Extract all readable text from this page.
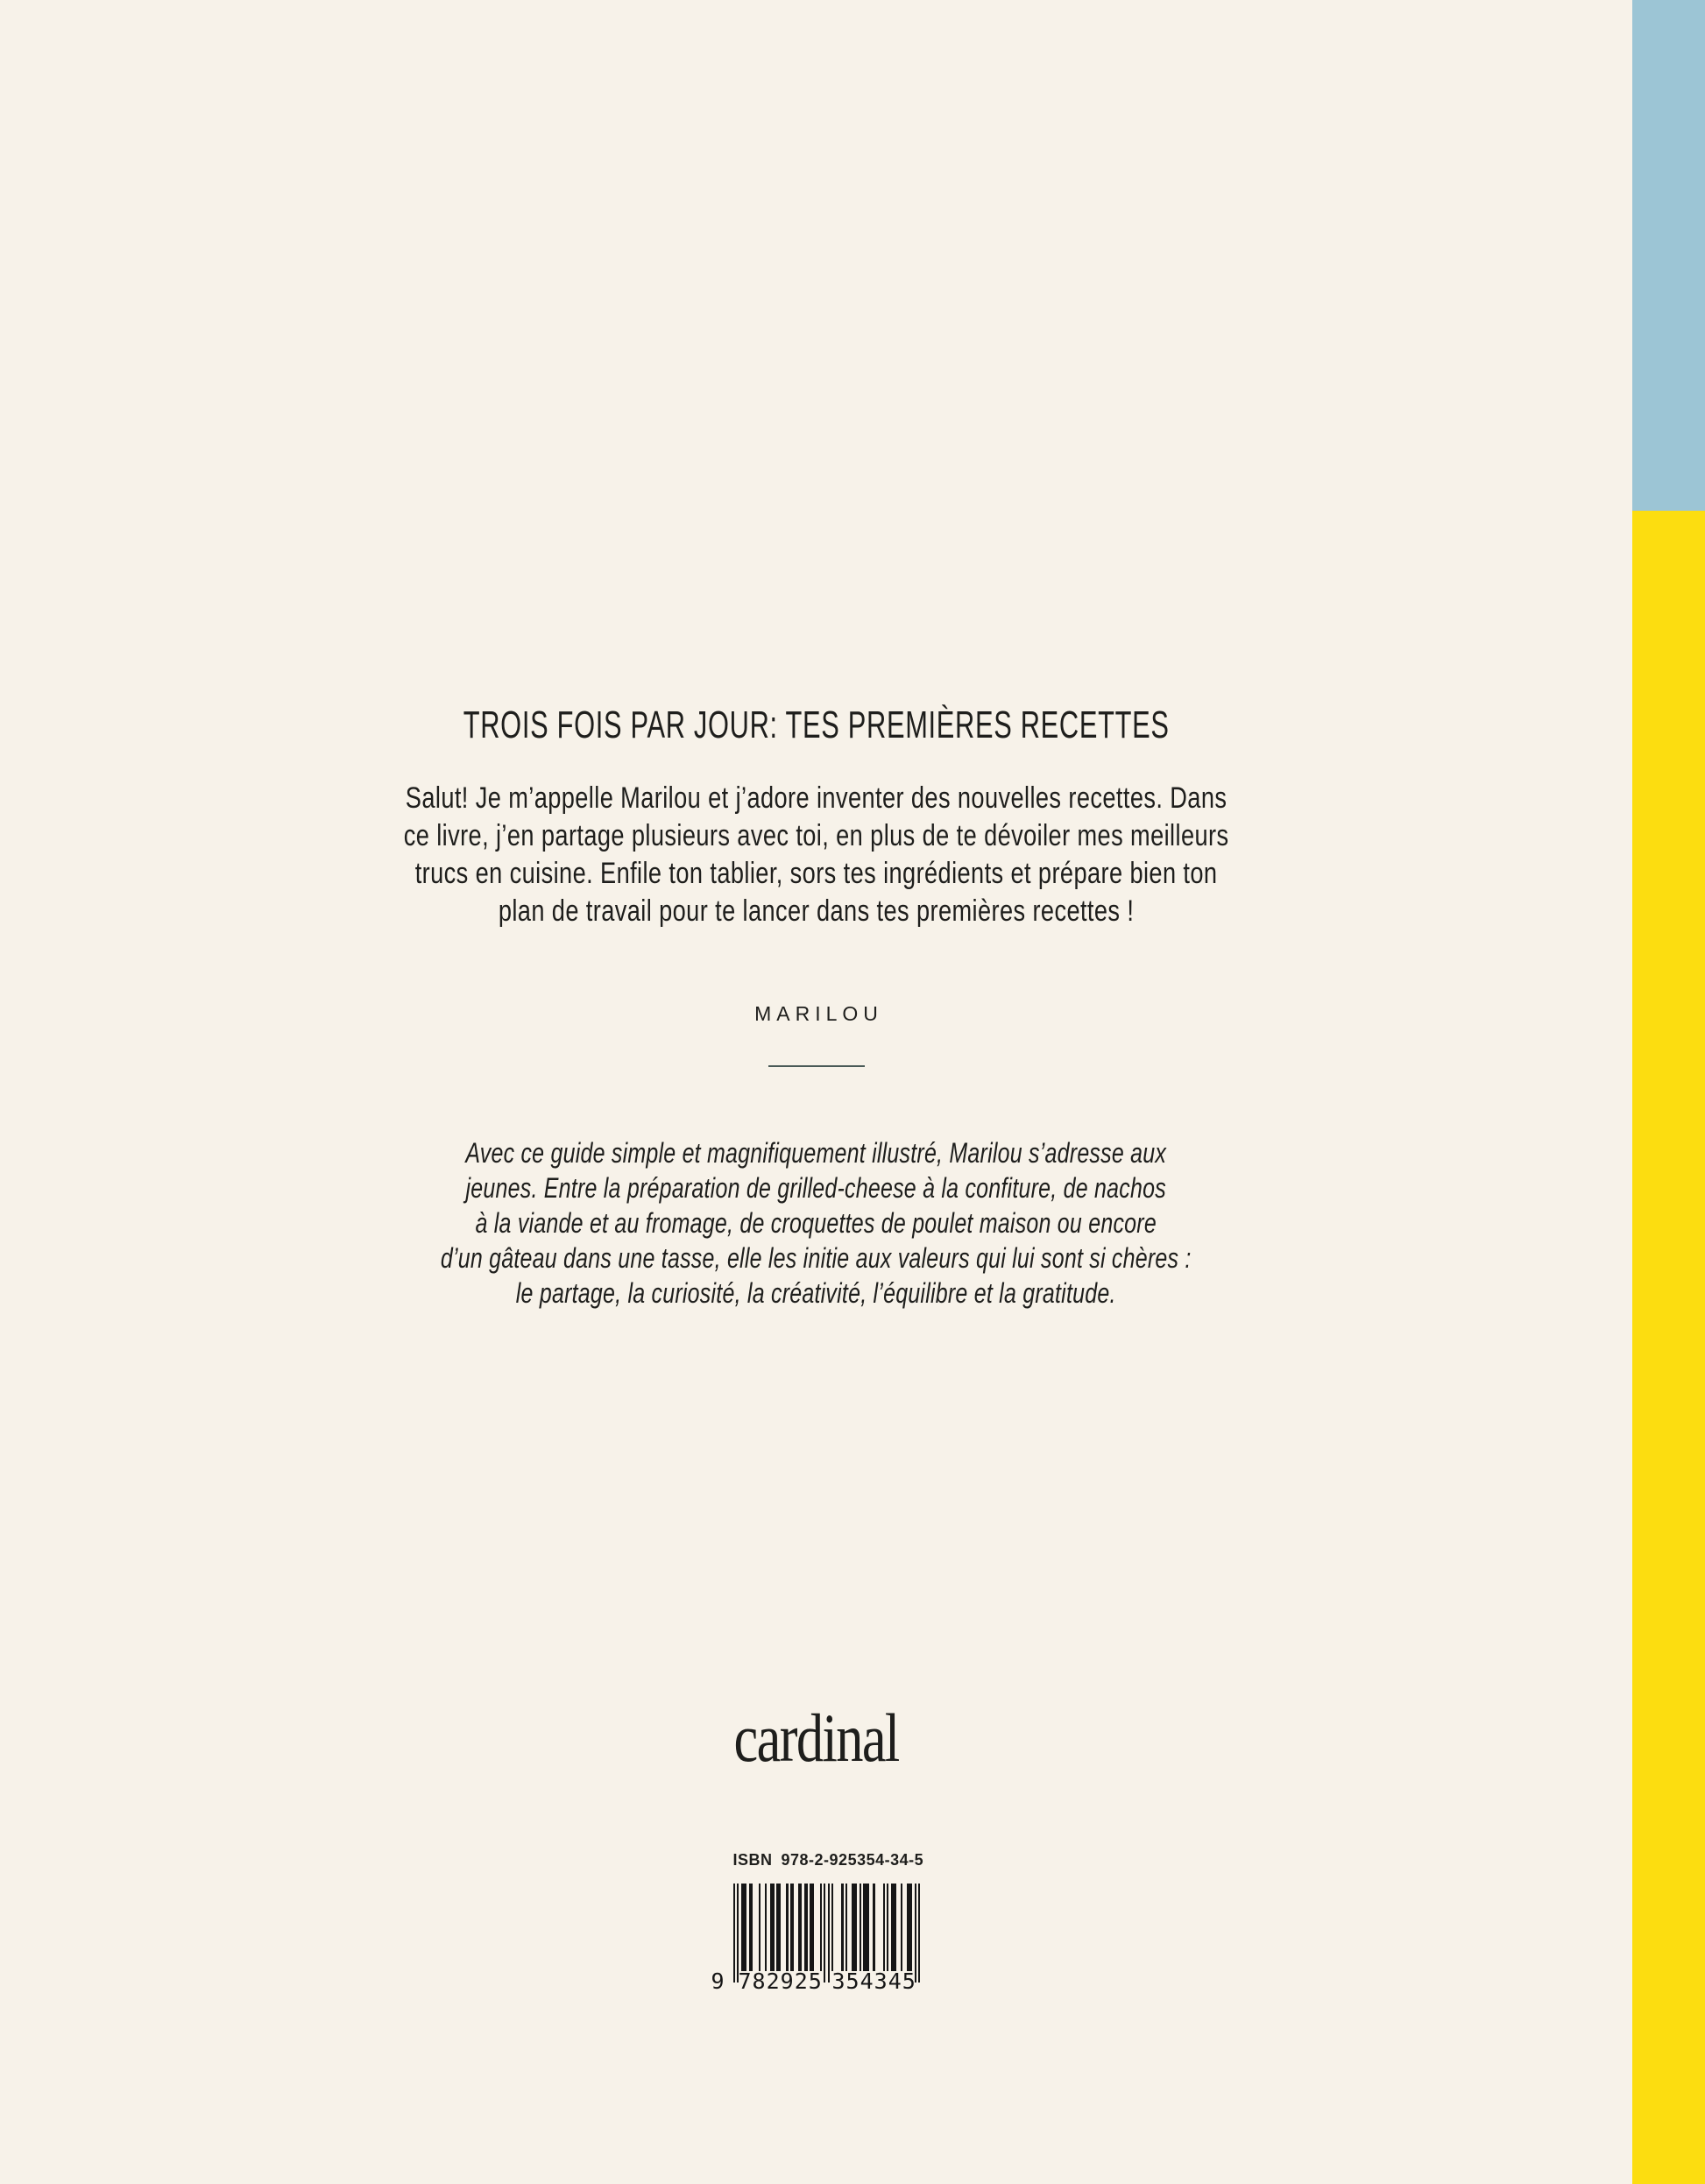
TROIS FOIS PAR JOUR: TES PREMIÈRES RECETTES
Salut! Je m’appelle Marilou et j’adore inventer des nouvelles recettes. Dans
ce livre, j’en partage plusieurs avec toi, en plus de te dévoiler mes meilleurs
trucs en cuisine. Enfile ton tablier, sors tes ingrédients et prépare bien ton
plan de travail pour te lancer dans tes premières recettes !
MARILOU
Avec ce guide simple et magnifiquement illustré, Marilou s’adresse aux
jeunes. Entre la préparation de grilled-cheese à la confiture, de nachos
à la viande et au fromage, de croquettes de poulet maison ou encore
d’un gâteau dans une tasse, elle les initie aux valeurs qui lui sont si chères :
le partage, la curiosité, la créativité, l’équilibre et la gratitude.
cardinal
ISBN 978-2-925354-34-5
9 782925 354345
